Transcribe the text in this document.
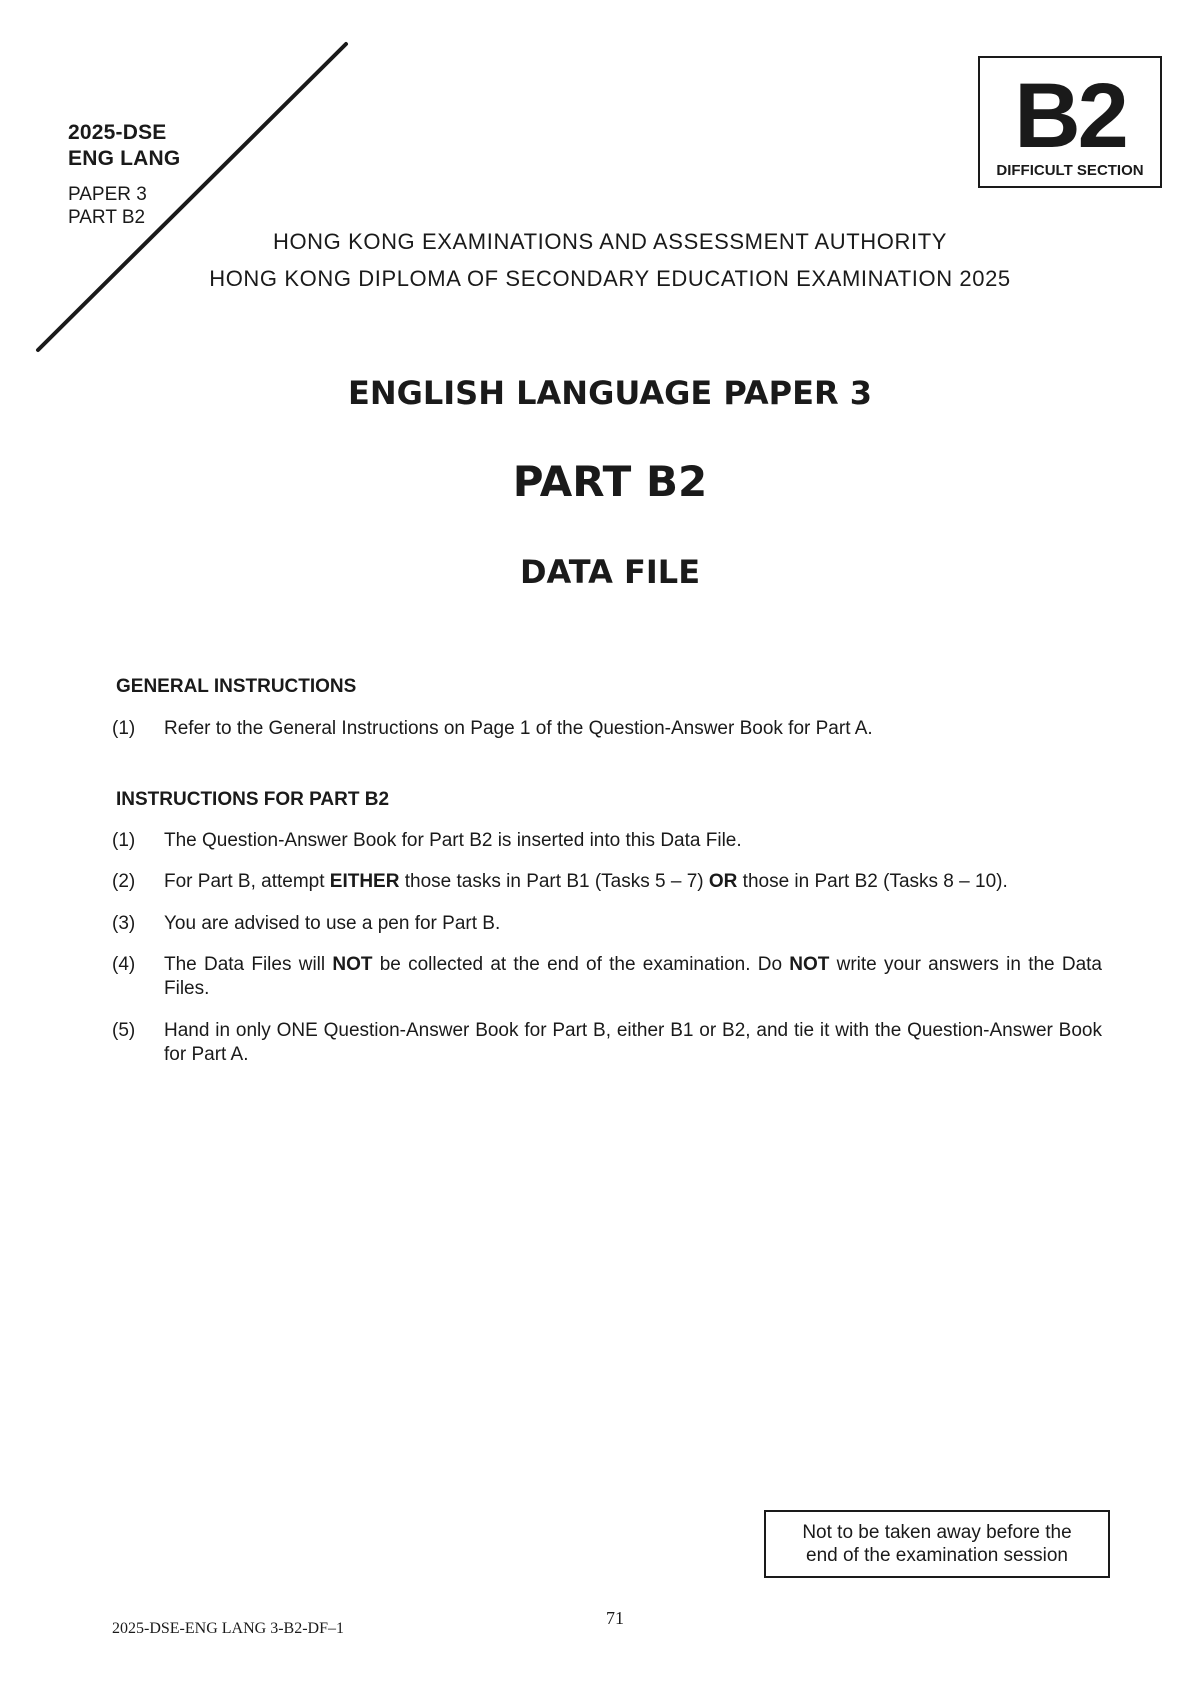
2025-DSE
ENG LANG
PAPER 3
PART B2
B2
DIFFICULT SECTION
HONG KONG EXAMINATIONS AND ASSESSMENT AUTHORITY
HONG KONG DIPLOMA OF SECONDARY EDUCATION EXAMINATION 2025
ENGLISH LANGUAGE PAPER 3
PART B2
DATA FILE
GENERAL INSTRUCTIONS
(1)	Refer to the General Instructions on Page 1 of the Question-Answer Book for Part A.
INSTRUCTIONS FOR PART B2
(1)	The Question-Answer Book for Part B2 is inserted into this Data File.
(2)	For Part B, attempt EITHER those tasks in Part B1 (Tasks 5 – 7) OR those in Part B2 (Tasks 8 – 10).
(3)	You are advised to use a pen for Part B.
(4)	The Data Files will NOT be collected at the end of the examination. Do NOT write your answers in the Data Files.
(5)	Hand in only ONE Question-Answer Book for Part B, either B1 or B2, and tie it with the Question-Answer Book for Part A.
Not to be taken away before the
end of the examination session
2025-DSE-ENG LANG 3-B2-DF–1
71
